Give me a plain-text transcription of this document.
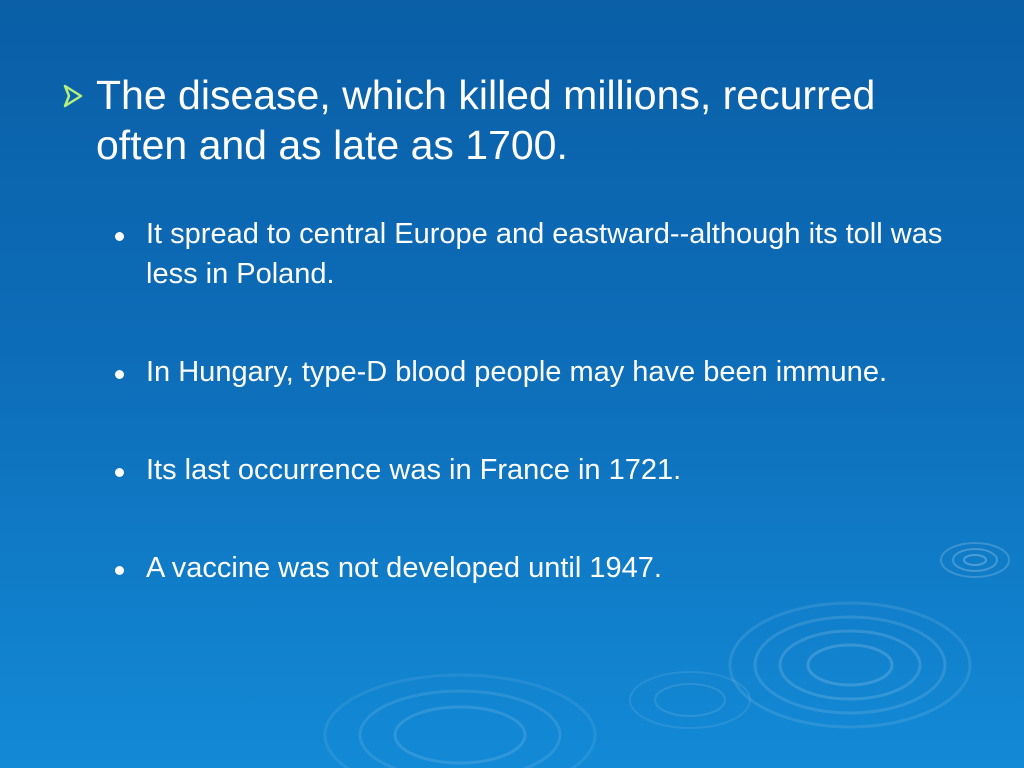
The disease, which killed millions, recurred often and as late as 1700.
It spread to central Europe and eastward--although its toll was less in Poland.
In Hungary, type-D blood people may have been immune.
Its last occurrence was in France in 1721.
A vaccine was not developed until 1947.
